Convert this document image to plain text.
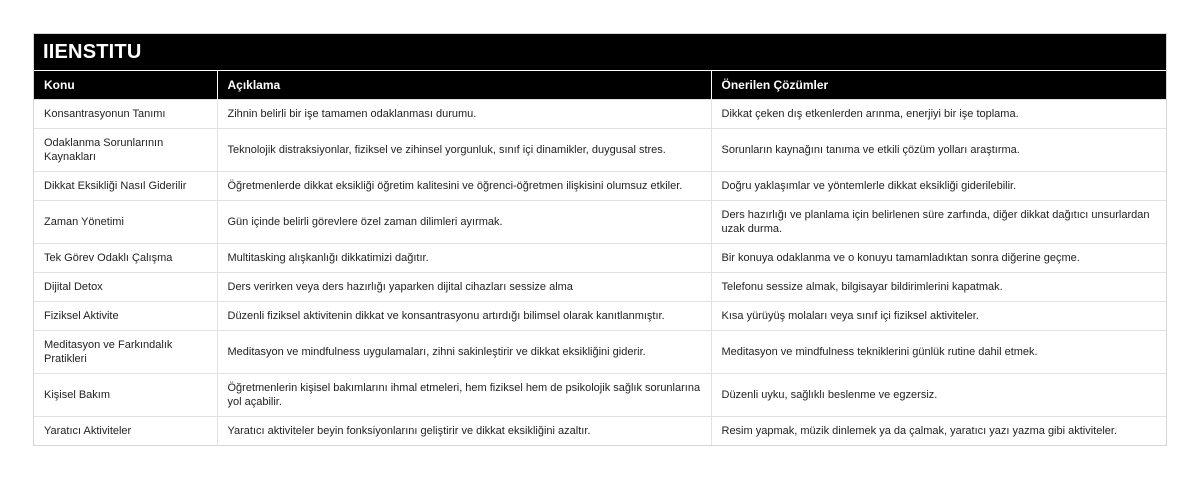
IIENSTITU
Konu	Açıklama	Önerilen Çözümler
Konsantrasyonun Tanımı	Zihnin belirli bir işe tamamen odaklanması durumu.	Dikkat çeken dış etkenlerden arınma, enerjiyi bir işe toplama.
Odaklanma Sorunlarının Kaynakları	Teknolojik distraksiyonlar, fiziksel ve zihinsel yorgunluk, sınıf içi dinamikler, duygusal stres.	Sorunların kaynağını tanıma ve etkili çözüm yolları araştırma.
Dikkat Eksikliği Nasıl Giderilir	Öğretmenlerde dikkat eksikliği öğretim kalitesini ve öğrenci-öğretmen ilişkisini olumsuz etkiler.	Doğru yaklaşımlar ve yöntemlerle dikkat eksikliği giderilebilir.
Zaman Yönetimi	Gün içinde belirli görevlere özel zaman dilimleri ayırmak.	Ders hazırlığı ve planlama için belirlenen süre zarfında, diğer dikkat dağıtıcı unsurlardan uzak durma.
Tek Görev Odaklı Çalışma	Multitasking alışkanlığı dikkatimizi dağıtır.	Bir konuya odaklanma ve o konuyu tamamladıktan sonra diğerine geçme.
Dijital Detox	Ders verirken veya ders hazırlığı yaparken dijital cihazları sessize alma	Telefonu sessize almak, bilgisayar bildirimlerini kapatmak.
Fiziksel Aktivite	Düzenli fiziksel aktivitenin dikkat ve konsantrasyonu artırdığı bilimsel olarak kanıtlanmıştır.	Kısa yürüyüş molaları veya sınıf içi fiziksel aktiviteler.
Meditasyon ve Farkındalık Pratikleri	Meditasyon ve mindfulness uygulamaları, zihni sakinleştirir ve dikkat eksikliğini giderir.	Meditasyon ve mindfulness tekniklerini günlük rutine dahil etmek.
Kişisel Bakım	Öğretmenlerin kişisel bakımlarını ihmal etmeleri, hem fiziksel hem de psikolojik sağlık sorunlarına yol açabilir.	Düzenli uyku, sağlıklı beslenme ve egzersiz.
Yaratıcı Aktiviteler	Yaratıcı aktiviteler beyin fonksiyonlarını geliştirir ve dikkat eksikliğini azaltır.	Resim yapmak, müzik dinlemek ya da çalmak, yaratıcı yazı yazma gibi aktiviteler.
